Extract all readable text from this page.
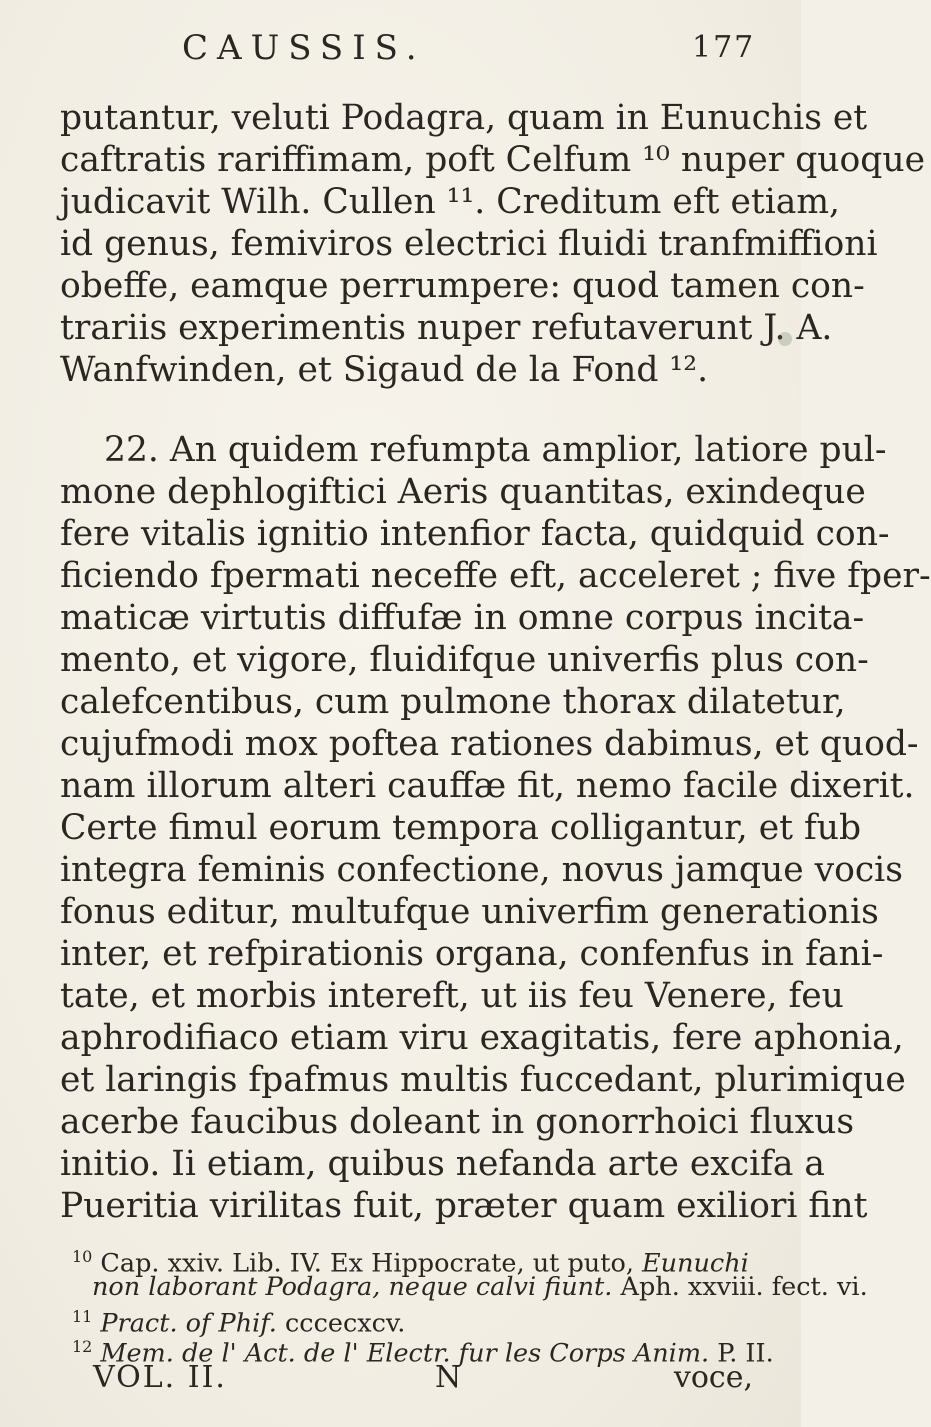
CAUSSIS.	177
putantur, veluti Podagra, quam in Eunuchis et
caftratis rariffimam, poft Celfum ¹⁰ nuper quoque
judicavit Wilh. Cullen ¹¹. Creditum eft etiam,
id genus, femiviros electrici fluidi tranfmiffioni
obeffe, eamque perrumpere: quod tamen con-
trariis experimentis nuper refutaverunt J. A.
Wanfwinden, et Sigaud de la Fond ¹².
22. An quidem refumpta amplior, latiore pul-
mone dephlogiftici Aeris quantitas, exindeque
fere vitalis ignitio intenfior facta, quidquid con-
ficiendo fpermati neceffe eft, acceleret ; five fper-
maticæ virtutis diffufæ in omne corpus incita-
mento, et vigore, fluidifque univerfis plus con-
calefcentibus, cum pulmone thorax dilatetur,
cujufmodi mox poftea rationes dabimus, et quod-
nam illorum alteri cauffæ fit, nemo facile dixerit.
Certe fimul eorum tempora colligantur, et fub
integra feminis confectione, novus jamque vocis
fonus editur, multufque univerfim generationis
inter, et refpirationis organa, confenfus in fani-
tate, et morbis intereft, ut iis feu Venere, feu
aphrodifiaco etiam viru exagitatis, fere aphonia,
et laringis fpafmus multis fuccedant, plurimique
acerbe faucibus doleant in gonorrhoici fluxus
initio. Ii etiam, quibus nefanda arte excifa a
Pueritia virilitas fuit, præter quam exiliori fint
$^{10}$ Cap. xxiv. Lib. IV. Ex Hippocrate, ut puto, Eunuchi
non laborant Podagra, neque calvi fiunt. Aph. xxviii. fect. vi.
$^{11}$ Pract. of Phif. cccecxcv.
$^{12}$ Mem. de l' Act. de l' Electr. fur les Corps Anim. P. II.
VOL. II.	N	voce,
